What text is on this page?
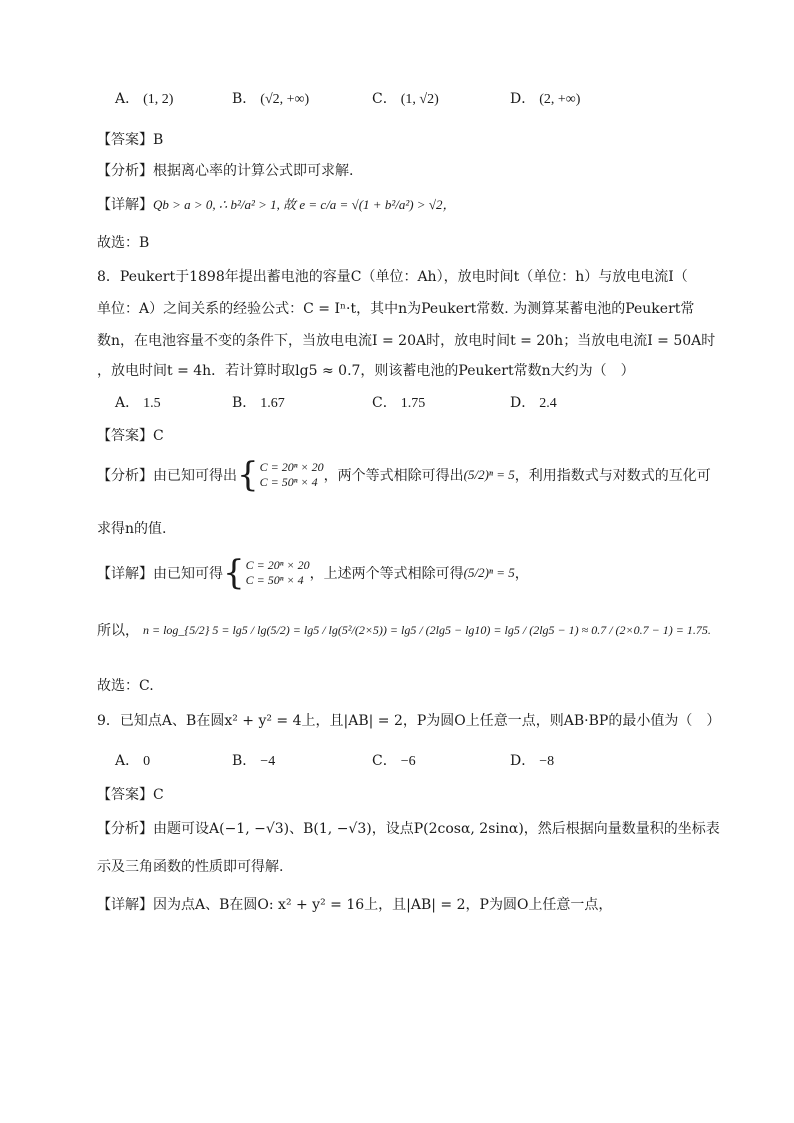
A． (1, 2)	B． (√2, +∞)	C． (1, √2)	D． (2, +∞)
【答案】B
【分析】根据离心率的计算公式即可求解.
【详解】Qb > a > 0, ∴ b²/a² > 1, 故 e = c/a = √(1 + b²/a²) > √2，
故选：B
8．Peukert于1898年提出蓄电池的容量C（单位：Ah），放电时间t（单位：h）与放电电流I（
单位：A）之间关系的经验公式：C = Iⁿ·t，其中n为Peukert常数. 为测算某蓄电池的Peukert常
数n，在电池容量不变的条件下，当放电电流I = 20A时，放电时间t = 20h；当放电电流I = 50A时
，放电时间t = 4h．若计算时取lg5 ≈ 0.7，则该蓄电池的Peukert常数n大约为（　）
A． 1.5	B． 1.67	C． 1.75	D． 2.4
【答案】C
【分析】 由已知可得出 { C = 20ⁿ × 20
C = 50ⁿ × 4 ，两个等式相除可得出 (5/2)ⁿ = 5 ，利用指数式与对数式的互化可
求得n的值.
【详解】 由已知可得 { C = 20ⁿ × 20
C = 50ⁿ × 4 ，上述两个等式相除可得 (5/2)ⁿ = 5 ，
所以， n = log_{5/2} 5 = lg5 / lg(5/2) = lg5 / lg(5²/(2×5)) = lg5 / (2lg5 − lg10) = lg5 / (2lg5 − 1) ≈ 0.7 / (2×0.7 − 1) = 1.75.
故选：C.
9．已知点A、B在圆x² + y² = 4上，且|AB| = 2，P为圆O上任意一点，则AB·BP的最小值为（　）
A． 0	B． −4	C． −6	D． −8
【答案】C
【分析】由题可设A(−1, −√3)、B(1, −√3)，设点P(2cosα, 2sinα)，然后根据向量数量积的坐标表
示及三角函数的性质即可得解.
【详解】因为点A、B在圆O: x² + y² = 16上，且|AB| = 2，P为圆O上任意一点，
